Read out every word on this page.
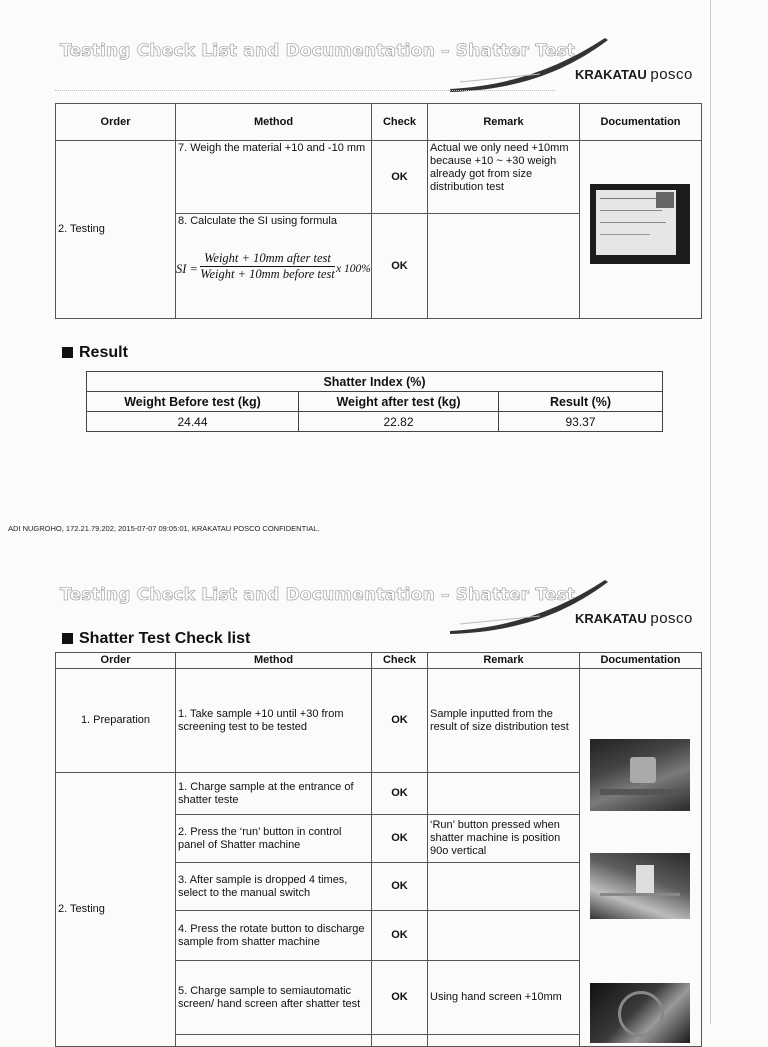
Testing Check List and Documentation – Shatter Test
KRAKATAU posco
Order	Method	Check	Remark	Documentation
2. Testing	7. Weigh the material +10 and -10 mm	OK	Actual we only need +10mm because +10 ~ +30 weigh already got from size distribution test	

	8. Calculate the SI using formula
SI =
Weight + 10mm after test
Weight + 10mm before test x 100%	OK		
Result
Shatter Index (%)		
Weight Before test (kg)	Weight after test (kg)	Result (%)
24.44	22.82	93.37
ADI NUGROHO, 172.21.79.202, 2015-07-07 09:05:01, KRAKATAU POSCO CONFIDENTIAL.
Testing Check List and Documentation – Shatter Test
KRAKATAU posco
Shatter Test Check list
Order	Method	Check	Remark	Documentation
1. Preparation	1. Take sample +10 until +30 from screening test to be tested	OK	Sample inputted from the result of size distribution test	

2. Testing	1. Charge sample at the entrance of shatter teste	OK		
	2. Press the ‘run’ button in control panel of Shatter machine	OK	‘Run’ button pressed when shatter machine is position 90o vertical	
	3. After sample is dropped 4 times, select to the manual switch	OK		
	4. Press the rotate button to discharge sample from shatter machine	OK		
	5. Charge sample to semiautomatic screen/ hand screen after shatter test	OK	Using hand screen +10mm	
